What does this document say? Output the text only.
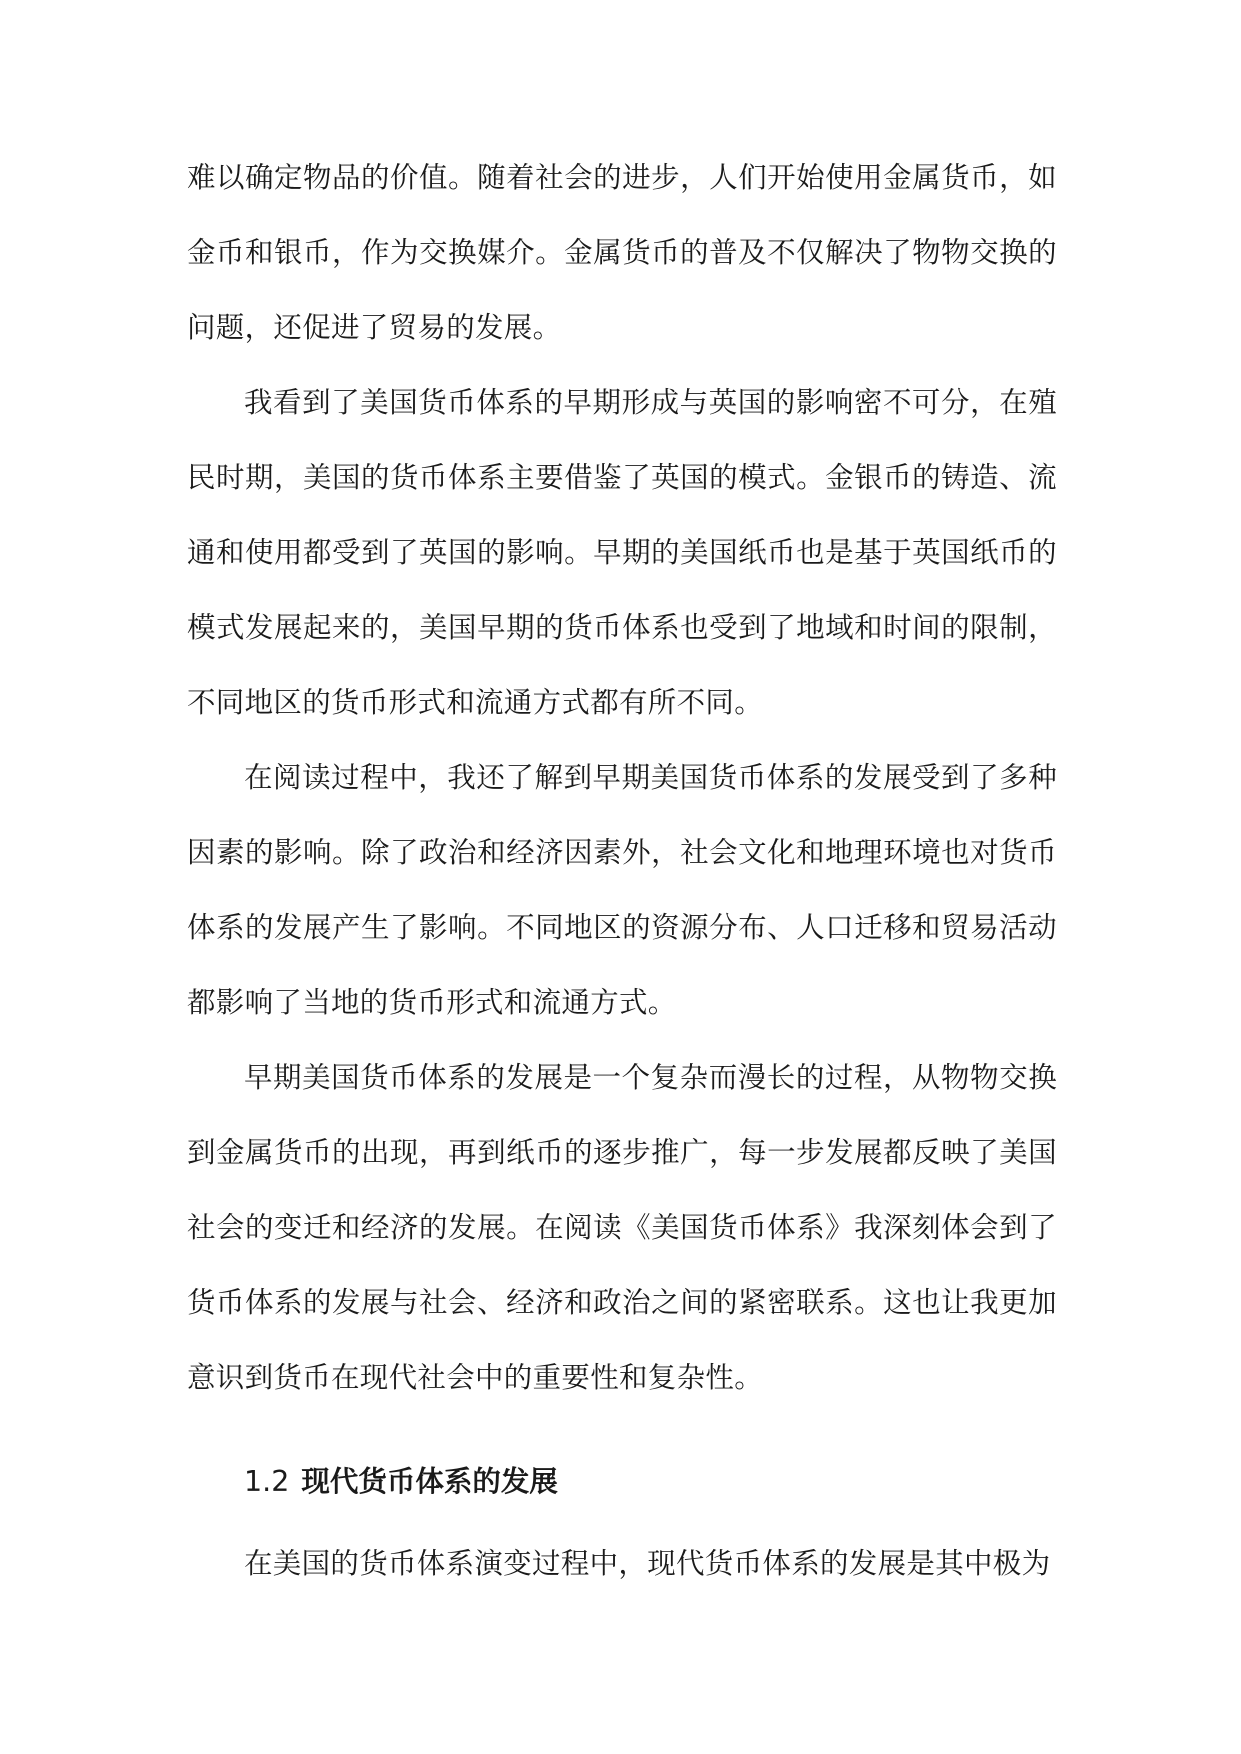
难以确定物品的价值。随着社会的进步，人们开始使用金属货币，如金币和银币，作为交换媒介。金属货币的普及不仅解决了物物交换的问题，还促进了贸易的发展。

我看到了美国货币体系的早期形成与英国的影响密不可分，在殖民时期，美国的货币体系主要借鉴了英国的模式。金银币的铸造、流通和使用都受到了英国的影响。早期的美国纸币也是基于英国纸币的模式发展起来的，美国早期的货币体系也受到了地域和时间的限制，不同地区的货币形式和流通方式都有所不同。

在阅读过程中，我还了解到早期美国货币体系的发展受到了多种因素的影响。除了政治和经济因素外，社会文化和地理环境也对货币体系的发展产生了影响。不同地区的资源分布、人口迁移和贸易活动都影响了当地的货币形式和流通方式。

早期美国货币体系的发展是一个复杂而漫长的过程，从物物交换到金属货币的出现，再到纸币的逐步推广，每一步发展都反映了美国社会的变迁和经济的发展。在阅读《美国货币体系》我深刻体会到了货币体系的发展与社会、经济和政治之间的紧密联系。这也让我更加意识到货币在现代社会中的重要性和复杂性。

1.2 现代货币体系的发展

在美国的货币体系演变过程中，现代货币体系的发展是其中极为
